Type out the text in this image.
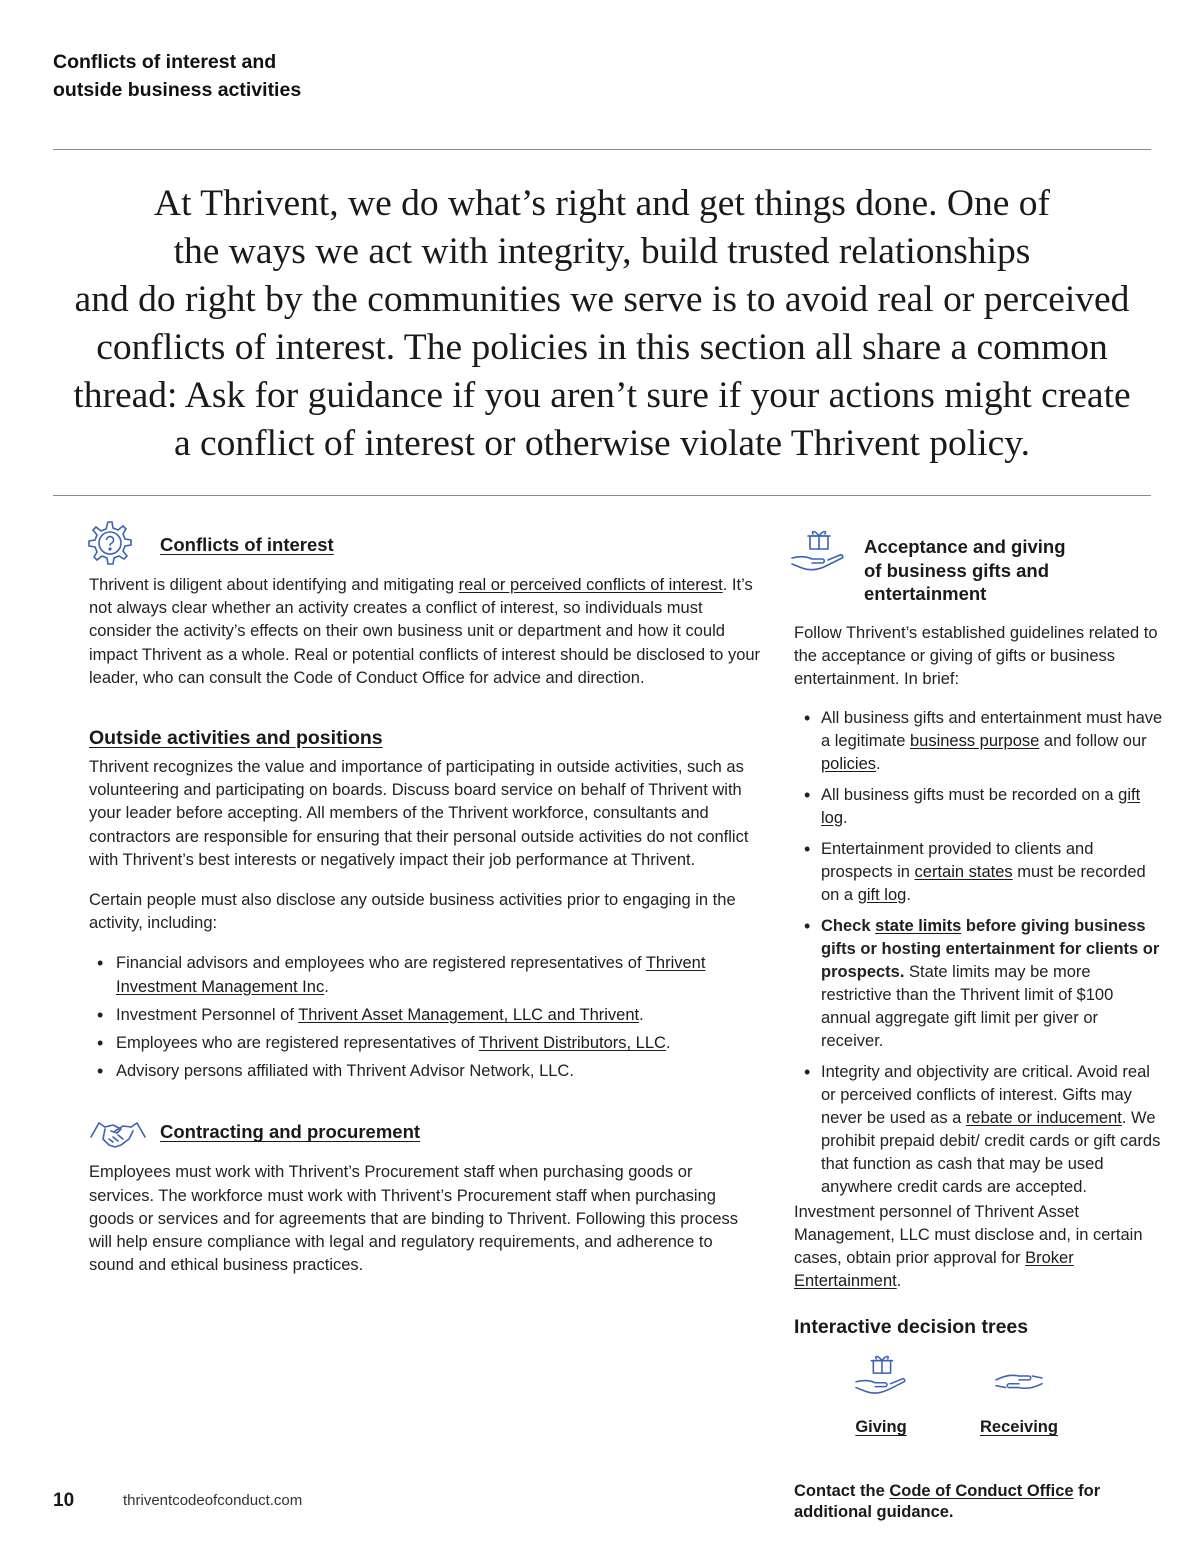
Conflicts of interest and
outside business activities
At Thrivent, we do what’s right and get things done. One of
the ways we act with integrity, build trusted relationships
and do right by the communities we serve is to avoid real or perceived
conflicts of interest. The policies in this section all share a common
thread: Ask for guidance if you aren’t sure if your actions might create
a conflict of interest or otherwise violate Thrivent policy.
Conflicts of interest

Thrivent is diligent about identifying and mitigating real or perceived conflicts of interest. It’s not always clear whether an activity creates a conflict of interest, so individuals must consider the activity’s effects on their own business unit or department and how it could impact Thrivent as a whole. Real or potential conflicts of interest should be disclosed to your leader, who can consult the Code of Conduct Office for advice and direction.

Outside activities and positions

Thrivent recognizes the value and importance of participating in outside activities, such as volunteering and participating on boards. Discuss board service on behalf of Thrivent with your leader before accepting. All members of the Thrivent workforce, consultants and contractors are responsible for ensuring that their personal outside activities do not conflict with Thrivent’s best interests or negatively impact their job performance at Thrivent.

Certain people must also disclose any outside business activities prior to engaging in the activity, including:

• Financial advisors and employees who are registered representatives of Thrivent Investment Management Inc.
• Investment Personnel of Thrivent Asset Management, LLC and Thrivent.
• Employees who are registered representatives of Thrivent Distributors, LLC.
• Advisory persons affiliated with Thrivent Advisor Network, LLC.
Contracting and procurement

Employees must work with Thrivent’s Procurement staff when purchasing goods or services. The workforce must work with Thrivent’s Procurement staff when purchasing goods or services and for agreements that are binding to Thrivent. Following this process will help ensure compliance with legal and regulatory requirements, and adherence to sound and ethical business practices.

Acceptance and giving
of business gifts and
entertainment

Follow Thrivent’s established guidelines related to the acceptance or giving of gifts or business entertainment. In brief:

• All business gifts and entertainment must have a legitimate business purpose and follow our policies.
• All business gifts must be recorded on a gift log.
• Entertainment provided to clients and prospects in certain states must be recorded on a gift log.
• Check state limits before giving business gifts or hosting entertainment for clients or prospects. State limits may be more restrictive than the Thrivent limit of $100 annual aggregate gift limit per giver or receiver.
• Integrity and objectivity are critical. Avoid real or perceived conflicts of interest. Gifts may never be used as a rebate or inducement. We prohibit prepaid debit/ credit cards or gift cards that function as cash that may be used anywhere credit cards are accepted.

Investment personnel of Thrivent Asset Management, LLC must disclose and, in certain cases, obtain prior approval for Broker Entertainment.

Interactive decision trees
Giving	Receiving

Contact the Code of Conduct Office for additional guidance.

10	thriventcodeofconduct.com
